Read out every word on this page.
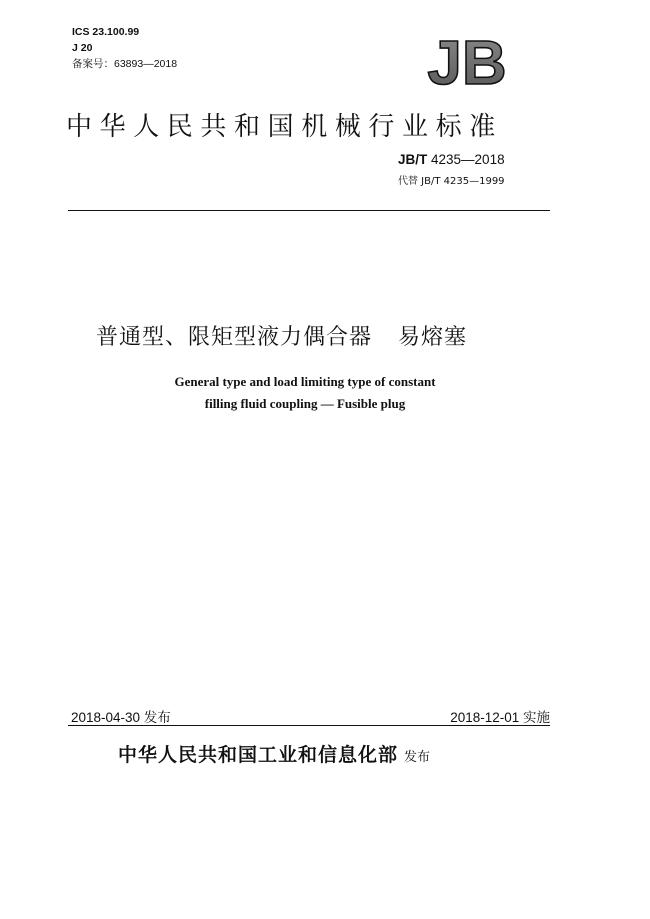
ICS 23.100.99
J 20
备案号：63893—2018	JB
中华人民共和国机械行业标准
JB/T 4235—2018
代替 JB/T 4235—1999
普通型、限矩型液力偶合器 易熔塞
General type and load limiting type of constant
filling fluid coupling — Fusible plug
2018-04-30 发布	2018-12-01 实施
中华人民共和国工业和信息化部 发布
